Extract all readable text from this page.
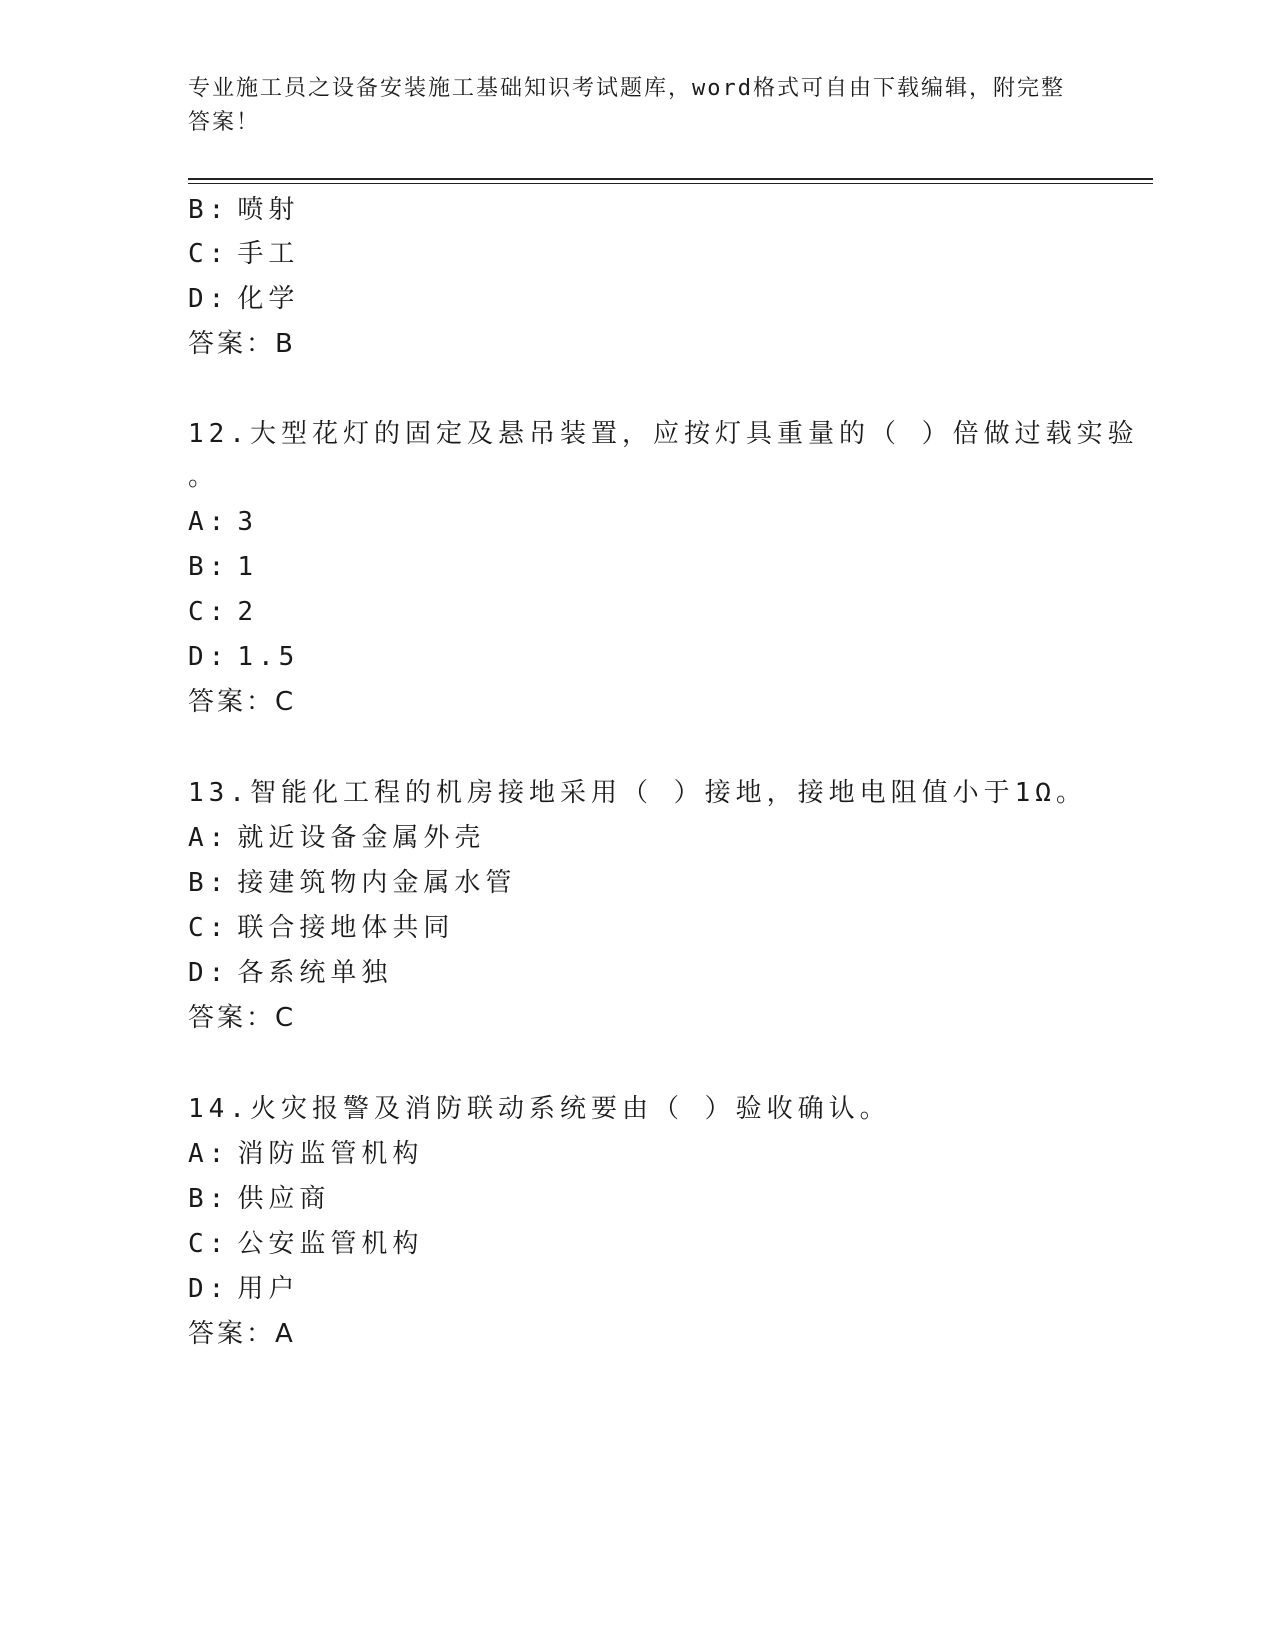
专业施工员之设备安装施工基础知识考试题库，word格式可自由下载编辑，附完整答案！
B: 喷射
C: 手工
D: 化学
答案：B
12.大型花灯的固定及悬吊装置，应按灯具重量的（ ）倍做过载实验
。
A: 3
B: 1
C: 2
D: 1.5
答案：C
13.智能化工程的机房接地采用（ ）接地，接地电阻值小于1Ω。
A: 就近设备金属外壳
B: 接建筑物内金属水管
C: 联合接地体共同
D: 各系统单独
答案：C
14.火灾报警及消防联动系统要由（ ）验收确认。
A: 消防监管机构
B: 供应商
C: 公安监管机构
D: 用户
答案：A
